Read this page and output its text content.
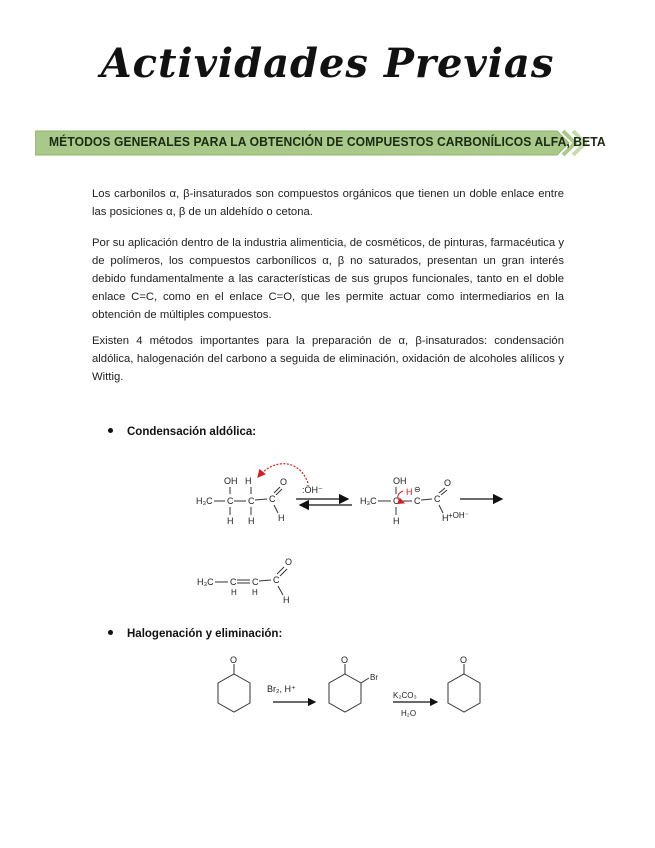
Actividades Previas
MÉTODOS GENERALES PARA LA OBTENCIÓN DE COMPUESTOS CARBONÍLICOS ALFA, BETA
Los carbonilos α, β-insaturados son compuestos orgánicos que tienen un doble enlace entre las posiciones α, β de un aldehído o cetona.
Por su aplicación dentro de la industria alimenticia, de cosméticos, de pinturas, farmacéutica y de polímeros, los compuestos carbonílicos α, β no saturados, presentan un gran interés debido fundamentalmente a las características de sus grupos funcionales, tanto en el doble enlace C=C, como en el enlace C=O, que les permite actuar como intermediarios en la obtención de múltiples compuestos.
Existen 4 métodos importantes para la preparación de α, β-insaturados: condensación aldólica, halogenación del carbono a seguida de eliminación, oxidación de alcoholes alílicos y Wittig.
Condensación aldólica:
OH H
H₃C C C C
O
H H	H
:ÖH⁻
OH
H
H₃C C C
⊖
C
O
H	H +OH⁻
H₃C C C C
O
H H
H
Halogenación y eliminación:
O
Br₂, H⁺
O
Br
K₂CO₃
H₂O
O
